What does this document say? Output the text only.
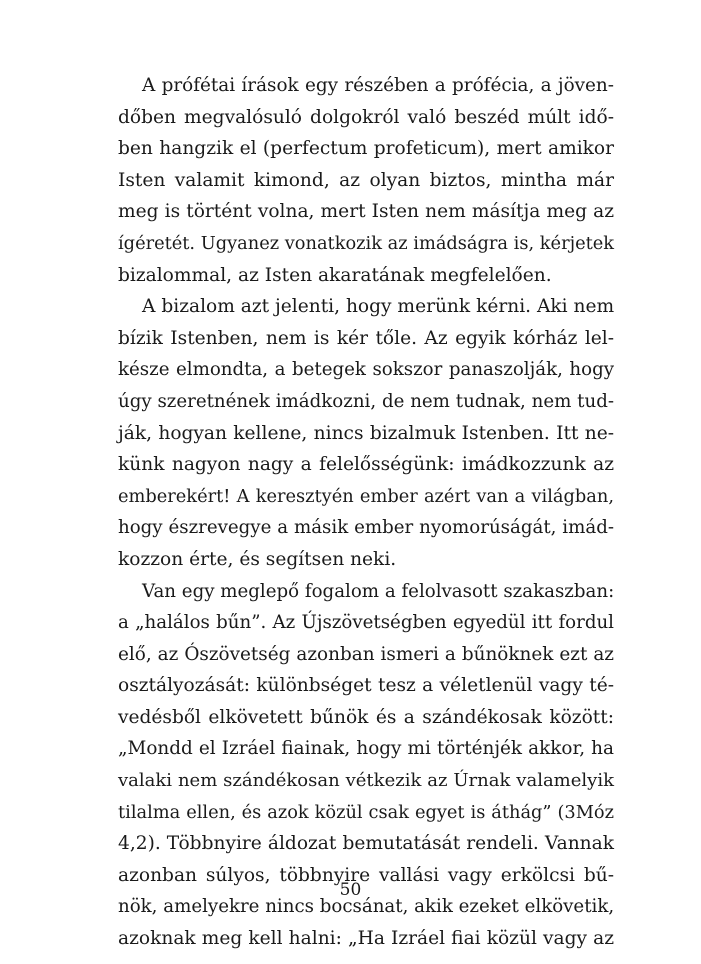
A prófétai írások egy részében a prófécia, a jöven-
dőben megvalósuló dolgokról való beszéd múlt idő-
ben hangzik el (perfectum profeticum), mert amikor
Isten valamit kimond, az olyan biztos, mintha már
meg is történt volna, mert Isten nem másítja meg az
ígéretét. Ugyanez vonatkozik az imádságra is, kérjetek
bizalommal, az Isten akaratának megfelelően.
A bizalom azt jelenti, hogy merünk kérni. Aki nem
bízik Istenben, nem is kér tőle. Az egyik kórház lel-
késze elmondta, a betegek sokszor panaszolják, hogy
úgy szeretnének imádkozni, de nem tudnak, nem tud-
ják, hogyan kellene, nincs bizalmuk Istenben. Itt ne-
künk nagyon nagy a felelősségünk: imádkozzunk az
emberekért! A keresztyén ember azért van a világban,
hogy észrevegye a másik ember nyomorúságát, imád-
kozzon érte, és segítsen neki.
Van egy meglepő fogalom a felolvasott szakaszban:
a „halálos bűn”. Az Újszövetségben egyedül itt fordul
elő, az Ószövetség azonban ismeri a bűnöknek ezt az
osztályozását: különbséget tesz a véletlenül vagy té-
vedésből elkövetett bűnök és a szándékosak között:
„Mondd el Izráel fiainak, hogy mi történjék akkor, ha
valaki nem szándékosan vétkezik az Úrnak valamelyik
tilalma ellen, és azok közül csak egyet is áthág” (3Móz
4,2). Többnyire áldozat bemutatását rendeli. Vannak
azonban súlyos, többnyire vallási vagy erkölcsi bű-
nök, amelyekre nincs bocsánat, akik ezeket elkövetik,
azoknak meg kell halni: „Ha Izráel fiai közül vagy az
50
